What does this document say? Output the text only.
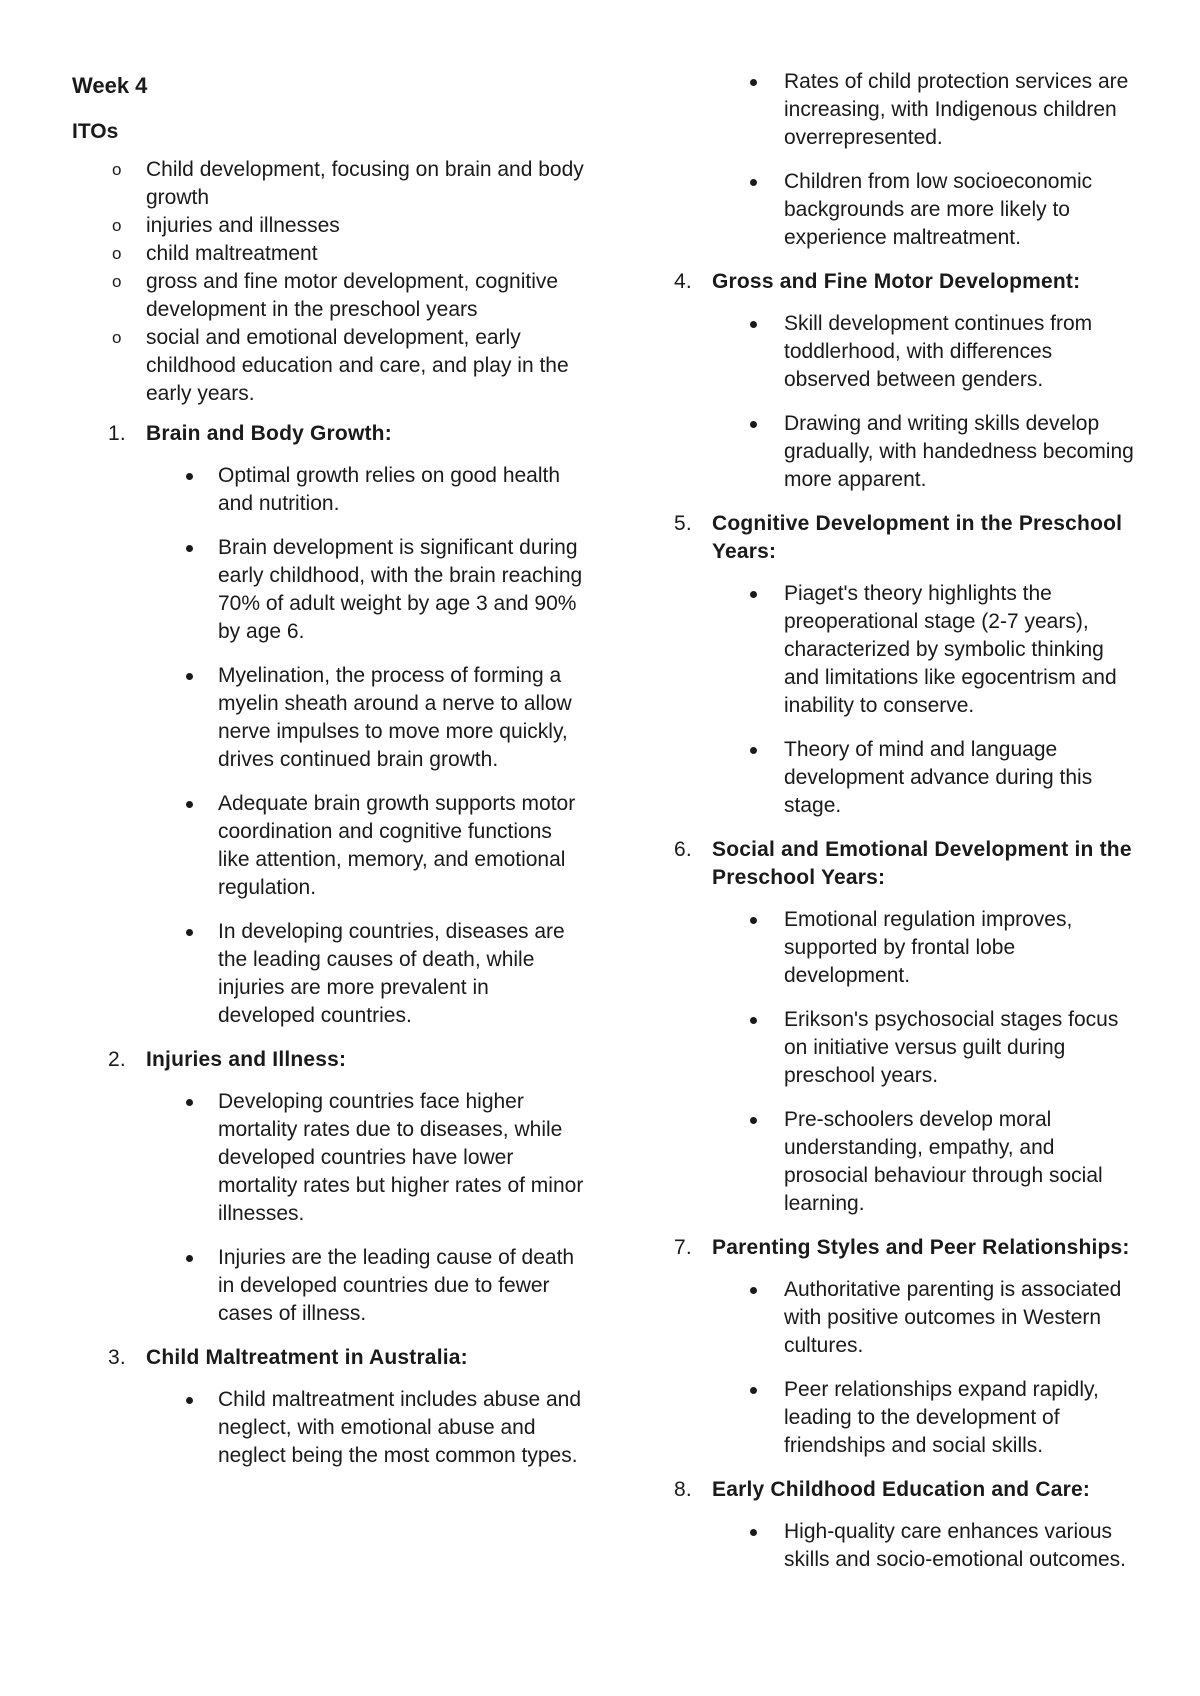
Week 4
ITOs
o Child development, focusing on brain and body growth
o injuries and illnesses
o child maltreatment
o gross and fine motor development, cognitive development in the preschool years
o social and emotional development, early childhood education and care, and play in the early years.
1. Brain and Body Growth:
Optimal growth relies on good health and nutrition.
Brain development is significant during early childhood, with the brain reaching 70% of adult weight by age 3 and 90% by age 6.
Myelination, the process of forming a myelin sheath around a nerve to allow nerve impulses to move more quickly, drives continued brain growth.
Adequate brain growth supports motor coordination and cognitive functions like attention, memory, and emotional regulation.
In developing countries, diseases are the leading causes of death, while injuries are more prevalent in developed countries.
2. Injuries and Illness:
Developing countries face higher mortality rates due to diseases, while developed countries have lower mortality rates but higher rates of minor illnesses.
Injuries are the leading cause of death in developed countries due to fewer cases of illness.
3. Child Maltreatment in Australia:
Child maltreatment includes abuse and neglect, with emotional abuse and neglect being the most common types.
Rates of child protection services are increasing, with Indigenous children overrepresented.
Children from low socioeconomic backgrounds are more likely to experience maltreatment.
4. Gross and Fine Motor Development:
Skill development continues from toddlerhood, with differences observed between genders.
Drawing and writing skills develop gradually, with handedness becoming more apparent.
5. Cognitive Development in the Preschool Years:
Piaget's theory highlights the preoperational stage (2-7 years), characterized by symbolic thinking and limitations like egocentrism and inability to conserve.
Theory of mind and language development advance during this stage.
6. Social and Emotional Development in the Preschool Years:
Emotional regulation improves, supported by frontal lobe development.
Erikson's psychosocial stages focus on initiative versus guilt during preschool years.
Pre-schoolers develop moral understanding, empathy, and prosocial behaviour through social learning.
7. Parenting Styles and Peer Relationships:
Authoritative parenting is associated with positive outcomes in Western cultures.
Peer relationships expand rapidly, leading to the development of friendships and social skills.
8. Early Childhood Education and Care:
High-quality care enhances various skills and socio-emotional outcomes.
